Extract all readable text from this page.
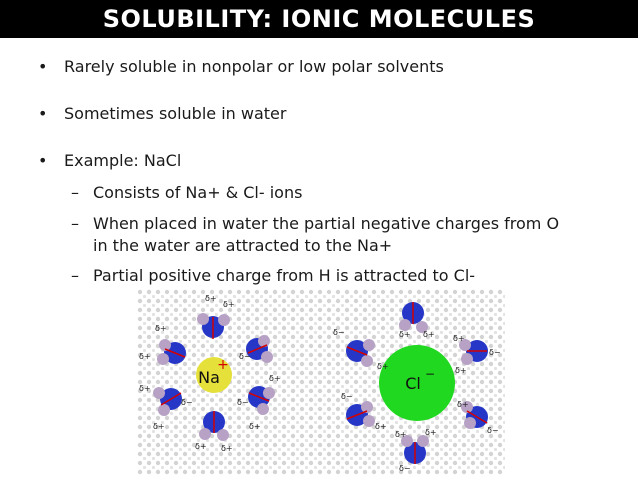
SOLUBILITY: IONIC MOLECULES
• Rarely soluble in nonpolar or low polar solvents
• Sometimes soluble in water
• Example: NaCl
– Consists of Na+ & Cl- ions
– When placed in water the partial negative charges from O
in the water are attracted to the Na+
– Partial positive charge from H is attracted to Cl-
Na
+
Cl −
δ+
δ+
δ+
δ−
δ+
δ+
δ+
δ−
δ−
δ+
δ+ δ+
δ+
δ+ δ+
δ−
δ+
δ−
δ+	δ+
δ−
δ+
δ+
δ−
δ+ δ+
δ−
